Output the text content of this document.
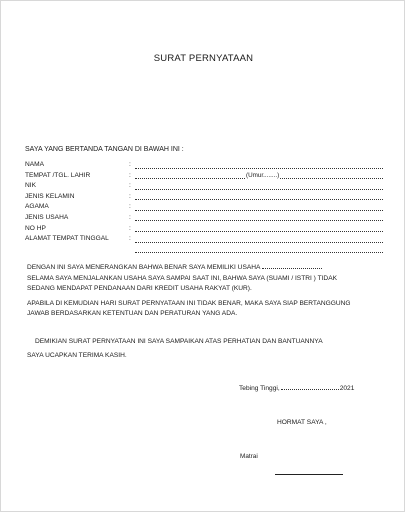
SURAT PERNYATAAN
SAYA YANG BERTANDA TANGAN DI BAWAH INI :
NAMA	:
TEMPAT /TGL. LAHIR	:	(Umur........)
NIK	:
JENIS KELAMIN	:
AGAMA	:
JENIS USAHA	:
NO HP	:
ALAMAT TEMPAT TINGGAL	:
DENGAN INI SAYA MENERANGKAN BAHWA BENAR SAYA MEMILIKI USAHA
SELAMA SAYA MENJALANKAN USAHA SAYA SAMPAI SAAT INI, BAHWA SAYA (SUAMI / ISTRI ) TIDAK
SEDANG MENDAPAT PENDANAAN DARI KREDIT USAHA RAKYAT (KUR).
APABILA DI KEMUDIAN HARI SURAT PERNYATAAN INI TIDAK BENAR, MAKA SAYA SIAP BERTANGGUNG
JAWAB BERDASARKAN KETENTUAN DAN PERATURAN YANG ADA.
DEMIKIAN SURAT PERNYATAAN INI SAYA SAMPAIKAN ATAS PERHATIAN DAN BANTUANNYA
SAYA UCAPKAN TERIMA KASIH.
Tebing Tinggi,	2021
HORMAT SAYA ,
Matrai
